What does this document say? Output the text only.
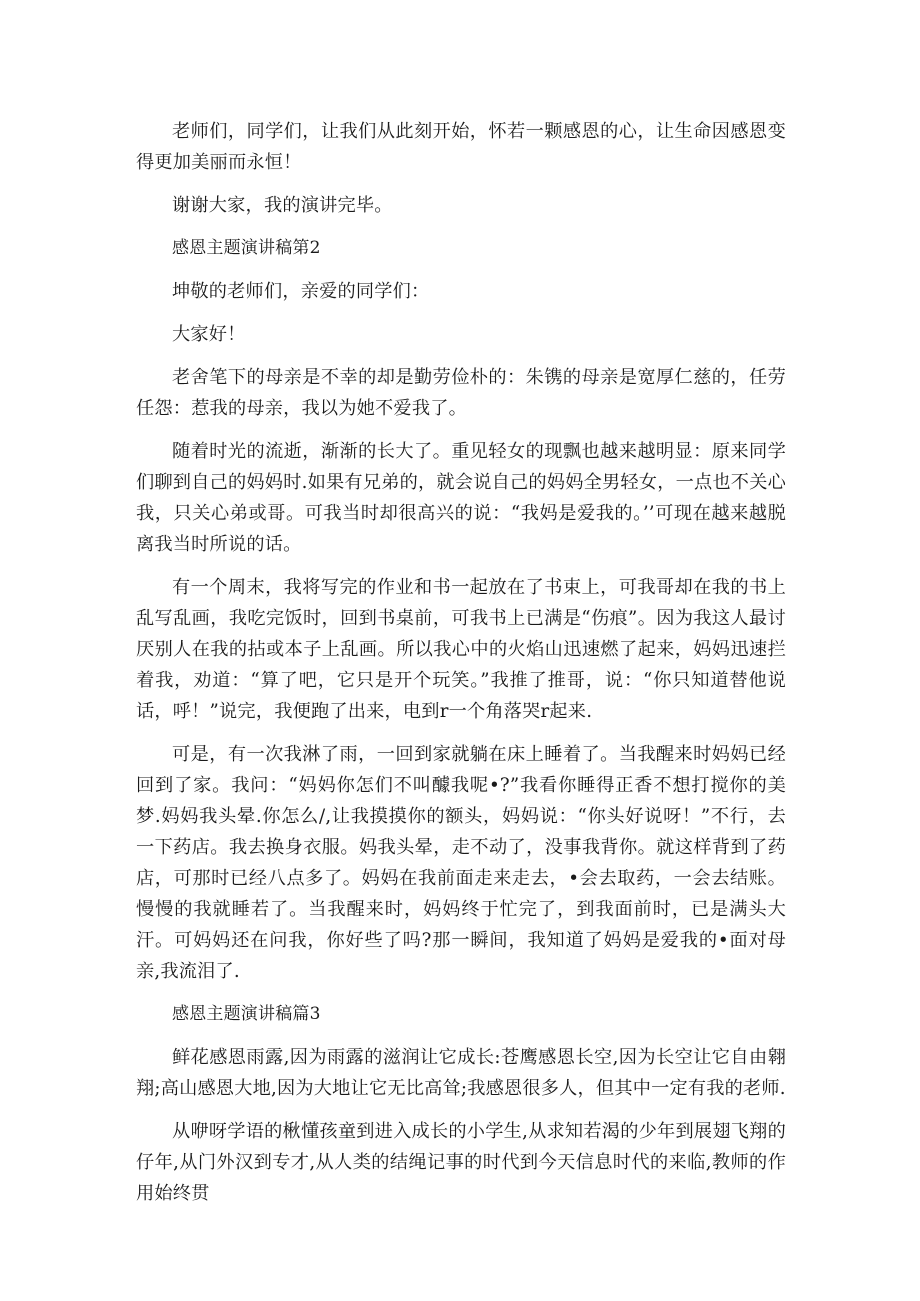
老师们，同学们，让我们从此刻开始，怀若一颗感恩的心，让生命因感恩变得更加美丽而永恒！

谢谢大家，我的演讲完毕。

感恩主题演讲稿第2

坤敬的老师们，亲爱的同学们：

大家好！

老舍笔下的母亲是不幸的却是勤劳俭朴的：朱镌的母亲是宽厚仁慈的，任劳任怨：惹我的母亲，我以为她不爱我了。

随着时光的流逝，渐渐的长大了。重见轻女的现飘也越来越明显：原来同学们聊到自己的妈妈时.如果有兄弟的，就会说自己的妈妈全男轻女，一点也不关心我，只关心弟或哥。可我当时却很高兴的说：“我妈是爱我的。’’可现在越来越脱离我当时所说的话。

有一个周末，我将写完的作业和书一起放在了书束上，可我哥却在我的书上乱写乱画，我吃完饭时，回到书桌前，可我书上已满是“伤痕”。因为我这人最讨厌别人在我的拈或本子上乱画。所以我心中的火焰山迅速燃了起来，妈妈迅速拦着我，劝道：“算了吧，它只是开个玩笑。”我推了推哥，说：“你只知道替他说话，呼！”说完，我便跑了出来，电到r一个角落哭r起来.

可是，有一次我淋了雨，一回到家就躺在床上睡着了。当我醒来时妈妈已经回到了家。我问：“妈妈你怎们不叫醵我呢•?”我看你睡得正香不想打搅你的美梦.妈妈我头晕.你怎么/,让我摸摸你的额头，妈妈说：“你头好说呀！”不行，去一下药店。我去换身衣服。妈我头晕，走不动了，没事我背你。就这样背到了药店，可那时已经八点多了。妈妈在我前面走来走去，•会去取药，一会去结账。慢慢的我就睡若了。当我醒来时，妈妈终于忙完了，到我面前时，已是满头大汗。可妈妈还在问我，你好些了吗?那一瞬间，我知道了妈妈是爱我的•面对母亲,我流泪了.

感恩主题演讲稿篇3

鲜花感恩雨露,因为雨露的滋润让它成长:苍鹰感恩长空,因为长空让它自由翱翔;高山感恩大地,因为大地让它无比高耸;我感恩很多人，但其中一定有我的老师.

从咿呀学语的楸懂孩童到进入成长的小学生,从求知若渴的少年到展翅飞翔的仔年,从门外汉到专才,从人类的结绳记事的时代到今天信息时代的来临,教师的作用始终贯
